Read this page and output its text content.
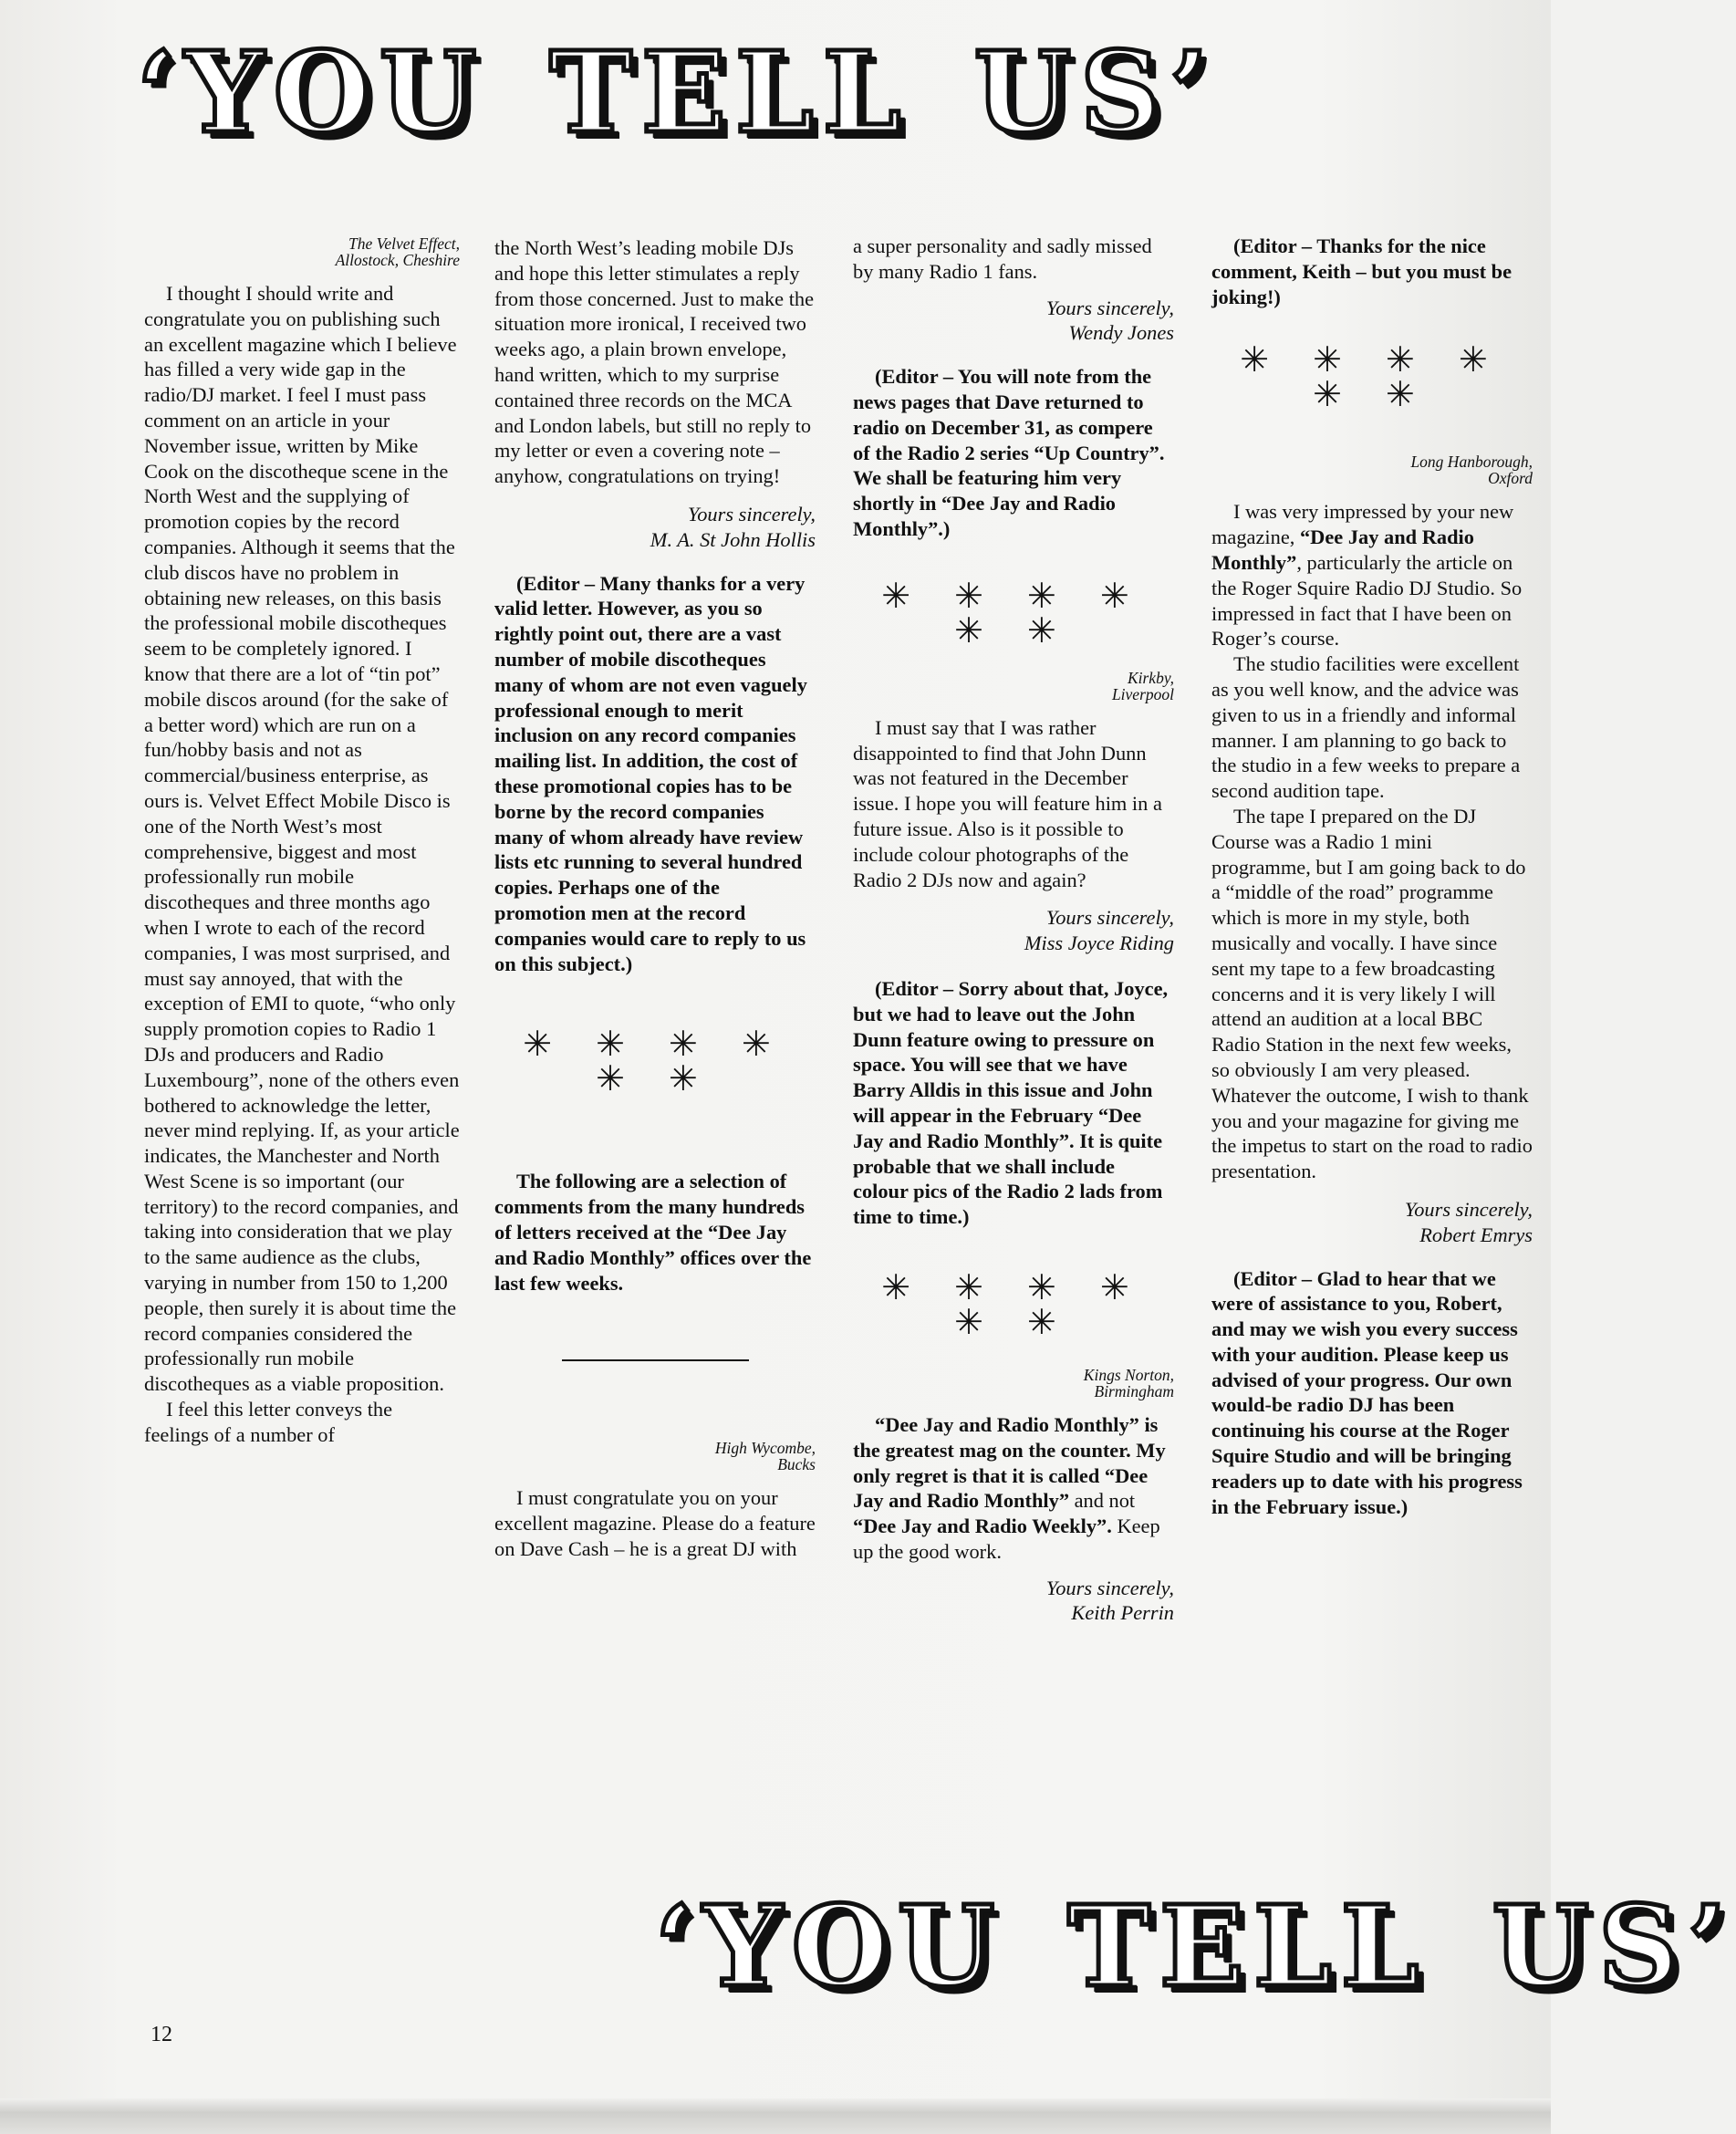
‘YOU TELL US’

The Velvet Effect,
Allostock, Cheshire

I thought I should write and congratulate you on publishing such an excellent magazine which I believe has filled a very wide gap in the radio/DJ market. I feel I must pass comment on an article in your November issue, written by Mike Cook on the discotheque scene in the North West and the supplying of promotion copies by the record companies. Although it seems that the club discos have no problem in obtaining new releases, on this basis the professional mobile discotheques seem to be completely ignored. I know that there are a lot of “tin pot” mobile discos around (for the sake of a better word) which are run on a fun/hobby basis and not as commercial/business enterprise, as ours is. Velvet Effect Mobile Disco is one of the North West’s most comprehensive, biggest and most professionally run mobile discotheques and three months ago when I wrote to each of the record companies, I was most surprised, and must say annoyed, that with the exception of EMI to quote, “who only supply promotion copies to Radio 1 DJs and producers and Radio Luxembourg”, none of the others even bothered to acknowledge the letter, never mind replying. If, as your article indicates, the Manchester and North West Scene is so important (our territory) to the record companies, and taking into consideration that we play to the same audience as the clubs, varying in number from 150 to 1,200 people, then surely it is about time the record companies considered the professionally run mobile discotheques as a viable proposition.

I feel this letter conveys the feelings of a number of

the North West’s leading mobile DJs and hope this letter stimulates a reply from those concerned. Just to make the situation more ironical, I received two weeks ago, a plain brown envelope, hand written, which to my surprise contained three records on the MCA and London labels, but still no reply to my letter or even a covering note – anyhow, congratulations on trying!

Yours sincerely,
M. A. St John Hollis

(Editor – Many thanks for a very valid letter. However, as you so rightly point out, there are a vast number of mobile discotheques many of whom are not even vaguely professional enough to merit inclusion on any record companies mailing list. In addition, the cost of these promotional copies has to be borne by the record companies many of whom already have review lists etc running to several hundred copies. Perhaps one of the promotion men at the record companies would care to reply to us on this subject.)

✳ ✳ ✳ ✳ ✳ ✳

The following are a selection of comments from the many hundreds of letters received at the “Dee Jay and Radio Monthly” offices over the last few weeks.

High Wycombe,
Bucks

I must congratulate you on your excellent magazine. Please do a feature on Dave Cash – he is a great DJ with

a super personality and sadly missed by many Radio 1 fans.

Yours sincerely,
Wendy Jones

(Editor – You will note from the news pages that Dave returned to radio on December 31, as compere of the Radio 2 series “Up Country”. We shall be featuring him very shortly in “Dee Jay and Radio Monthly”.)

✳ ✳ ✳ ✳ ✳ ✳

Kirkby,
Liverpool

I must say that I was rather disappointed to find that John Dunn was not featured in the December issue. I hope you will feature him in a future issue. Also is it possible to include colour photographs of the Radio 2 DJs now and again?

Yours sincerely,
Miss Joyce Riding

(Editor – Sorry about that, Joyce, but we had to leave out the John Dunn feature owing to pressure on space. You will see that we have Barry Alldis in this issue and John will appear in the February “Dee Jay and Radio Monthly”. It is quite probable that we shall include colour pics of the Radio 2 lads from time to time.)

✳ ✳ ✳ ✳ ✳ ✳

Kings Norton,
Birmingham

“Dee Jay and Radio Monthly” is the greatest mag on the counter. My only regret is that it is called “Dee Jay and Radio Monthly” and not “Dee Jay and Radio Weekly”. Keep up the good work.

Yours sincerely,
Keith Perrin

(Editor – Thanks for the nice comment, Keith – but you must be joking!)

✳ ✳ ✳ ✳ ✳ ✳

Long Hanborough,
Oxford

I was very impressed by your new magazine, “Dee Jay and Radio Monthly”, particularly the article on the Roger Squire Radio DJ Studio. So impressed in fact that I have been on Roger’s course.

The studio facilities were excellent as you well know, and the advice was given to us in a friendly and informal manner. I am planning to go back to the studio in a few weeks to prepare a second audition tape.

The tape I prepared on the DJ Course was a Radio 1 mini programme, but I am going back to do a “middle of the road” programme which is more in my style, both musically and vocally. I have since sent my tape to a few broadcasting concerns and it is very likely I will attend an audition at a local BBC Radio Station in the next few weeks, so obviously I am very pleased. Whatever the outcome, I wish to thank you and your magazine for giving me the impetus to start on the road to radio presentation.

Yours sincerely,
Robert Emrys

(Editor – Glad to hear that we were of assistance to you, Robert, and may we wish you every success with your audition. Please keep us advised of your progress. Our own would-be radio DJ has been continuing his course at the Roger Squire Studio and will be bringing readers up to date with his progress in the February issue.)

‘YOU TELL US’
12
